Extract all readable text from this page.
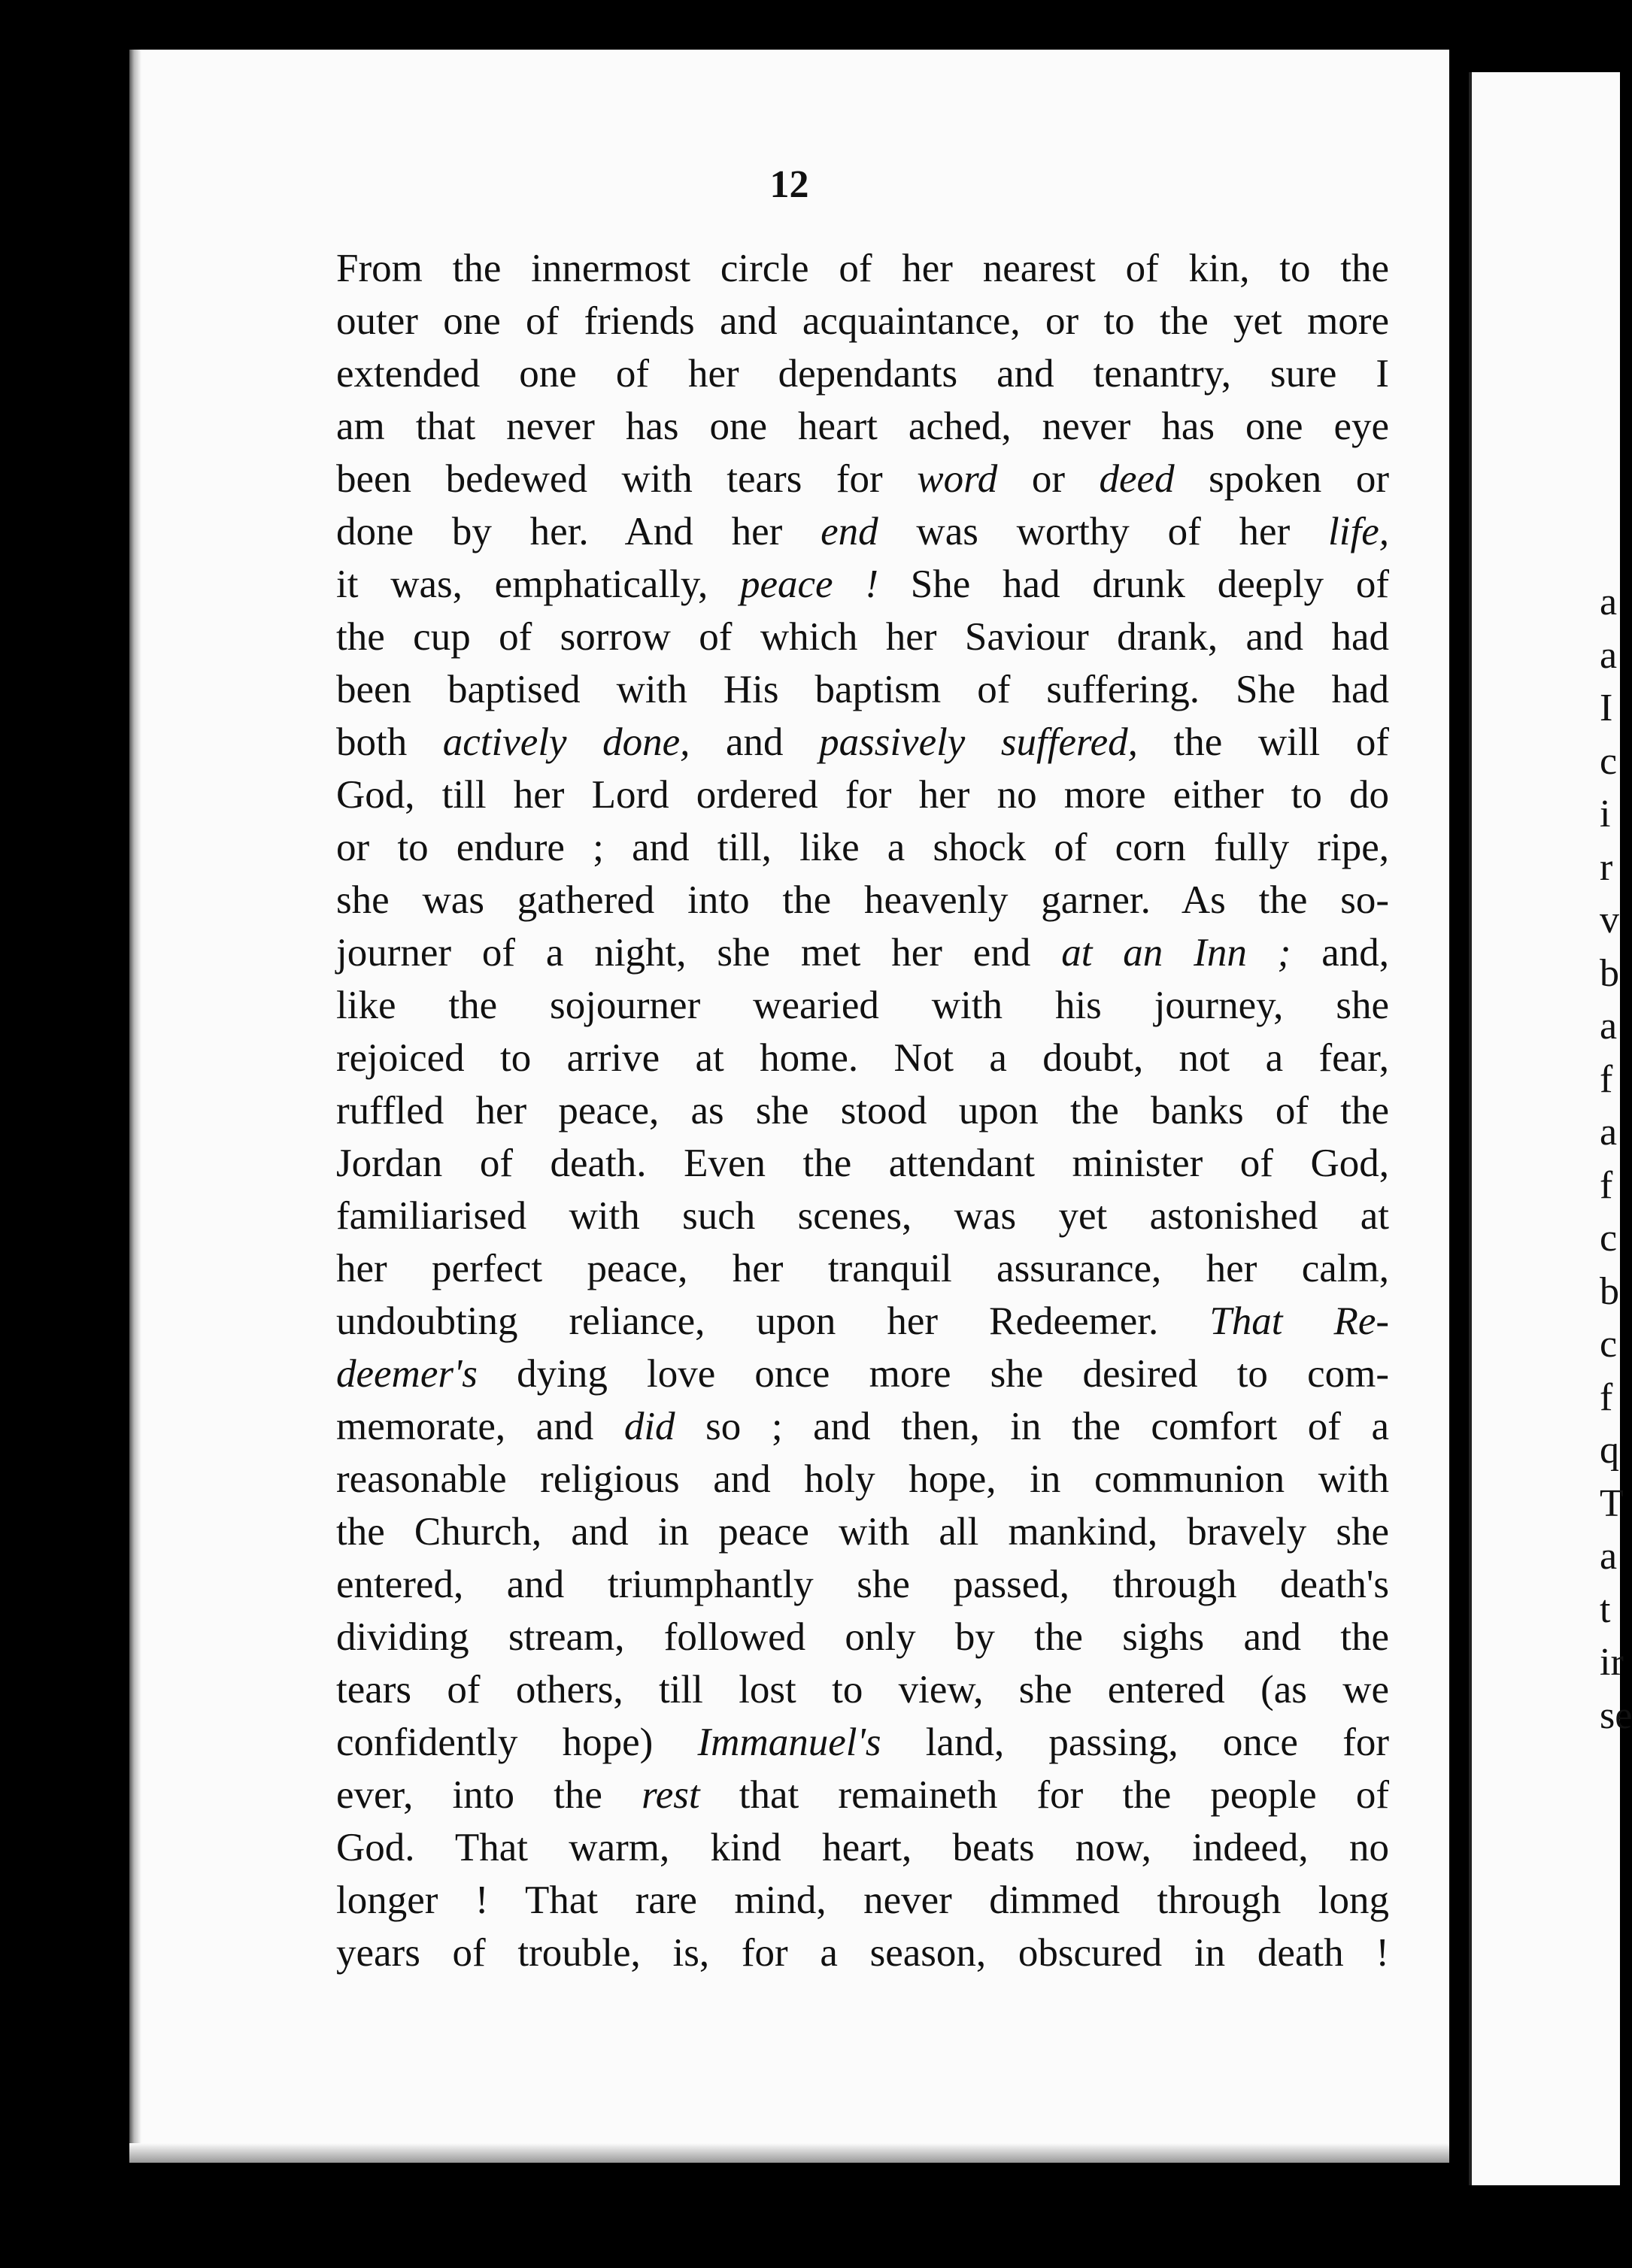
12
From the innermost circle of her nearest of kin, to the
outer one of friends and acquaintance, or to the yet more
extended one of her dependants and tenantry, sure I
am that never has one heart ached, never has one eye
been bedewed with tears for word or deed spoken or
done by her. And her end was worthy of her life,
it was, emphatically, peace ! She had drunk deeply of
the cup of sorrow of which her Saviour drank, and had
been baptised with His baptism of suffering. She had
both actively done, and passively suffered, the will of
God, till her Lord ordered for her no more either to do
or to endure ; and till, like a shock of corn fully ripe,
she was gathered into the heavenly garner. As the so-
journer of a night, she met her end at an Inn ; and,
like the sojourner wearied with his journey, she
rejoiced to arrive at home. Not a doubt, not a fear,
ruffled her peace, as she stood upon the banks of the
Jordan of death. Even the attendant minister of God,
familiarised with such scenes, was yet astonished at
her perfect peace, her tranquil assurance, her calm,
undoubting reliance, upon her Redeemer. That Re-
deemer's dying love once more she desired to com-
memorate, and did so ; and then, in the comfort of a
reasonable religious and holy hope, in communion with
the Church, and in peace with all mankind, bravely she
entered, and triumphantly she passed, through death's
dividing stream, followed only by the sighs and the
tears of others, till lost to view, she entered (as we
confidently hope) Immanuel's land, passing, once for
ever, into the rest that remaineth for the people of
God. That warm, kind heart, beats now, indeed, no
longer ! That rare mind, never dimmed through long
years of trouble, is, for a season, obscured in death !
a
a
I
c
i
r
v
b
a
f
a
f
c
b
c
f
q
T
a
t
ir
se
